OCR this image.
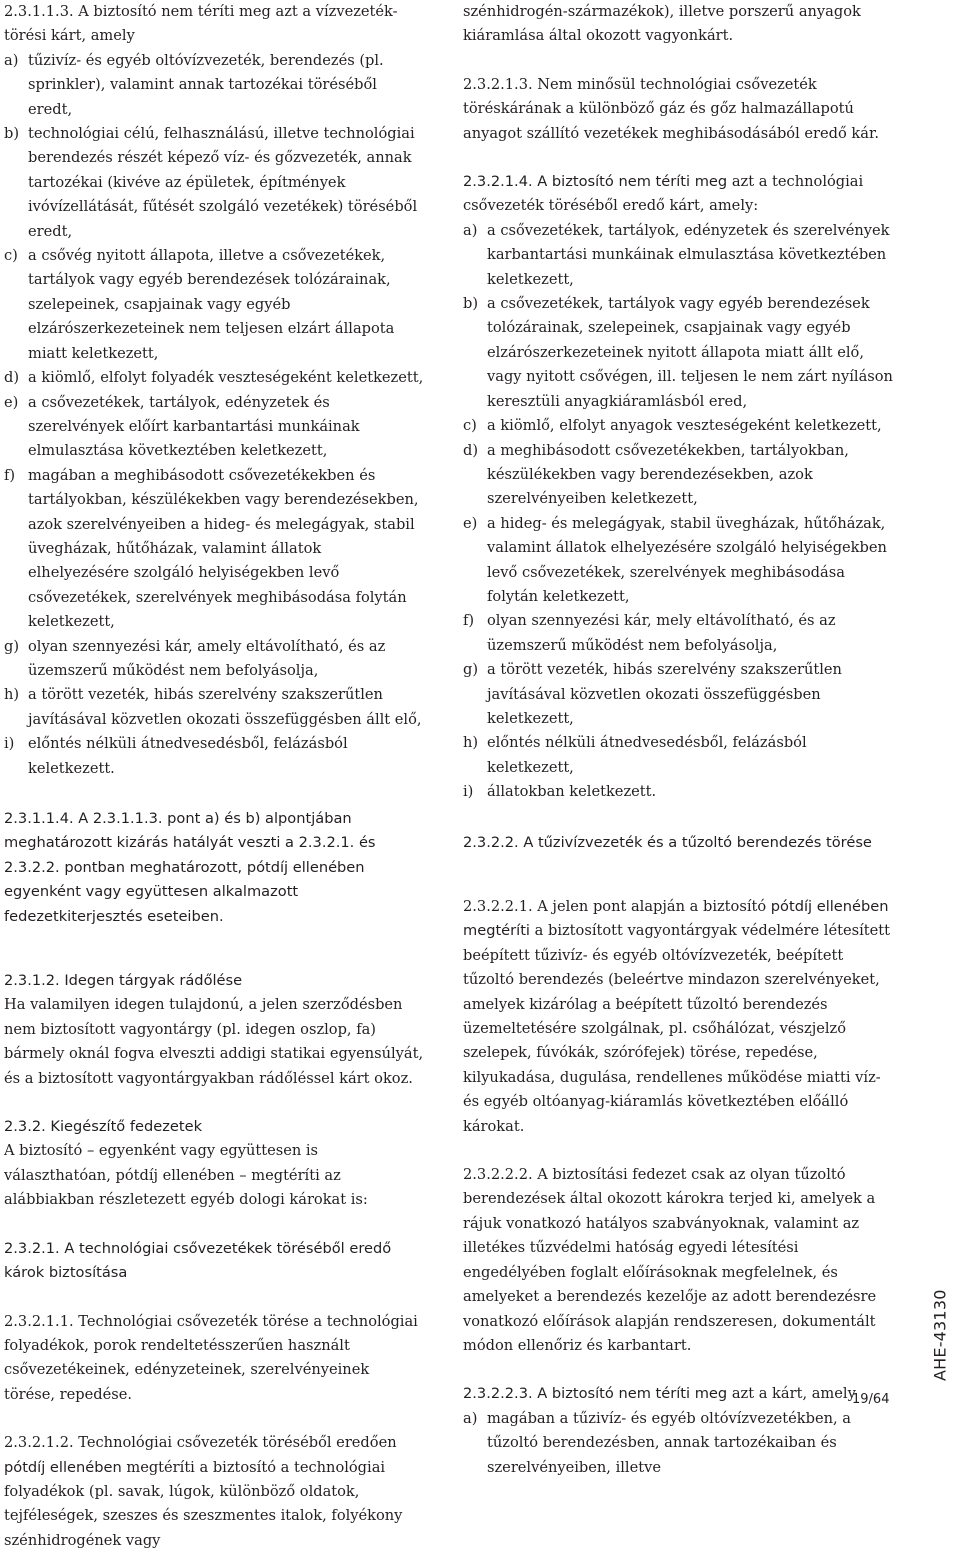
2.3.1.1.3. A biztosító nem téríti meg azt a vízvezeték-törési kárt, amely

a) tűzivíz- és egyéb oltóvízvezeték, berendezés (pl. sprinkler), valamint annak tartozékai töréséből eredt,
b) technológiai célú, felhasználású, illetve technológiai berendezés részét képező víz- és gőzvezeték, annak tartozékai (kivéve az épületek, építmények ivóvízellátását, fűtését szolgáló vezetékek) töréséből eredt,
c) a csővég nyitott állapota, illetve a csővezetékek, tartályok vagy egyéb berendezések tolózárainak, szelepeinek, csapjainak vagy egyéb elzárószerkezeteinek nem teljesen elzárt állapota miatt keletkezett,
d) a kiömlő, elfolyt folyadék veszteségeként keletkezett,
e) a csővezetékek, tartályok, edényzetek és szerelvények előírt karbantartási munkáinak elmulasztása következtében keletkezett,
f) magában a meghibásodott csővezetékekben és tartályokban, készülékekben vagy berendezésekben, azok szerelvényeiben a hideg- és melegágyak, stabil üvegházak, hűtőházak, valamint állatok elhelyezésére szolgáló helyiségekben levő csővezetékek, szerelvények meghibásodása folytán keletkezett,
g) olyan szennyezési kár, amely eltávolítható, és az üzemszerű működést nem befolyásolja,
h) a törött vezeték, hibás szerelvény szakszerűtlen javításával közvetlen okozati összefüggésben állt elő,
i) előntés nélküli átnedvesedésből, felázásból keletkezett.

2.3.1.1.4. A 2.3.1.1.3. pont a) és b) alpontjában meghatározott kizárás hatályát veszti a 2.3.2.1. és 2.3.2.2. pontban meghatározott, pótdíj ellenében egyenként vagy együttesen alkalmazott fedezetkiterjesztés eseteiben.

2.3.1.2. Idegen tárgyak rádőlése

Ha valamilyen idegen tulajdonú, a jelen szerződésben nem biztosított vagyontárgy (pl. idegen oszlop, fa) bármely oknál fogva elveszti addigi statikai egyensúlyát, és a biztosított vagyontárgyakban rádőléssel kárt okoz.

2.3.2. Kiegészítő fedezetek

A biztosító – egyenként vagy együttesen is választhatóan, pótdíj ellenében – megtéríti az alábbiakban részletezett egyéb dologi károkat is:

2.3.2.1. A technológiai csővezetékek töréséből eredő károk biztosítása

2.3.2.1.1. Technológiai csővezeték törése a technológiai folyadékok, porok rendeltetésszerűen használt csővezetékeinek, edényzeteinek, szerelvényeinek törése, repedése.

2.3.2.1.2. Technológiai csővezeték töréséből eredően pótdíj ellenében megtéríti a biztosító a technológiai folyadékok (pl. savak, lúgok, különböző oldatok, tejféleségek, szeszes és szeszmentes italok, folyékony szénhidrogének vagy

szénhidrogén-származékok), illetve porszerű anyagok kiáramlása által okozott vagyonkárt.

2.3.2.1.3. Nem minősül technológiai csővezeték töréskárának a különböző gáz és gőz halmazállapotú anyagot szállító vezetékek meghibásodásából eredő kár.

2.3.2.1.4. A biztosító nem téríti meg azt a technológiai csővezeték töréséből eredő kárt, amely:

a) a csővezetékek, tartályok, edényzetek és szerelvények karbantartási munkáinak elmulasztása következtében keletkezett,
b) a csővezetékek, tartályok vagy egyéb berendezések tolózárainak, szelepeinek, csapjainak vagy egyéb elzárószerkezeteinek nyitott állapota miatt állt elő, vagy nyitott csővégen, ill. teljesen le nem zárt nyíláson keresztüli anyagkiáramlásból ered,
c) a kiömlő, elfolyt anyagok veszteségeként keletkezett,
d) a meghibásodott csővezetékekben, tartályokban, készülékekben vagy berendezésekben, azok szerelvényeiben keletkezett,
e) a hideg- és melegágyak, stabil üvegházak, hűtőházak, valamint állatok elhelyezésére szolgáló helyiségekben levő csővezetékek, szerelvények meghibásodása folytán keletkezett,
f) olyan szennyezési kár, mely eltávolítható, és az üzemszerű működést nem befolyásolja,
g) a törött vezeték, hibás szerelvény szakszerűtlen javításával közvetlen okozati összefüggésben keletkezett,
h) előntés nélküli átnedvesedésből, felázásból keletkezett,
i) állatokban keletkezett.

2.3.2.2. A tűzivízvezeték és a tűzoltó berendezés törése

2.3.2.2.1. A jelen pont alapján a biztosító pótdíj ellenében megtéríti a biztosított vagyontárgyak védelmére létesített beépített tűzivíz- és egyéb oltóvízvezeték, beépített tűzoltó berendezés (beleértve mindazon szerelvényeket, amelyek kizárólag a beépített tűzoltó berendezés üzemeltetésére szolgálnak, pl. csőhálózat, vészjelző szelepek, fúvókák, szórófejek) törése, repedése, kilyukadása, dugulása, rendellenes működése miatti víz- és egyéb oltóanyag-kiáramlás következtében előálló károkat.

2.3.2.2.2. A biztosítási fedezet csak az olyan tűzoltó berendezések által okozott károkra terjed ki, amelyek a rájuk vonatkozó hatályos szabványoknak, valamint az illetékes tűzvédelmi hatóság egyedi létesítési engedélyében foglalt előírásoknak megfelelnek, és amelyeket a berendezés kezelője az adott berendezésre vonatkozó előírások alapján rendszeresen, dokumentált módon ellenőriz és karbantart.

2.3.2.2.3. A biztosító nem téríti meg azt a kárt, amely

a) magában a tűzivíz- és egyéb oltóvízvezetékben, a tűzoltó berendezésben, annak tartozékaiban és szerelvényeiben, illetve
AHE-43130
19/64
